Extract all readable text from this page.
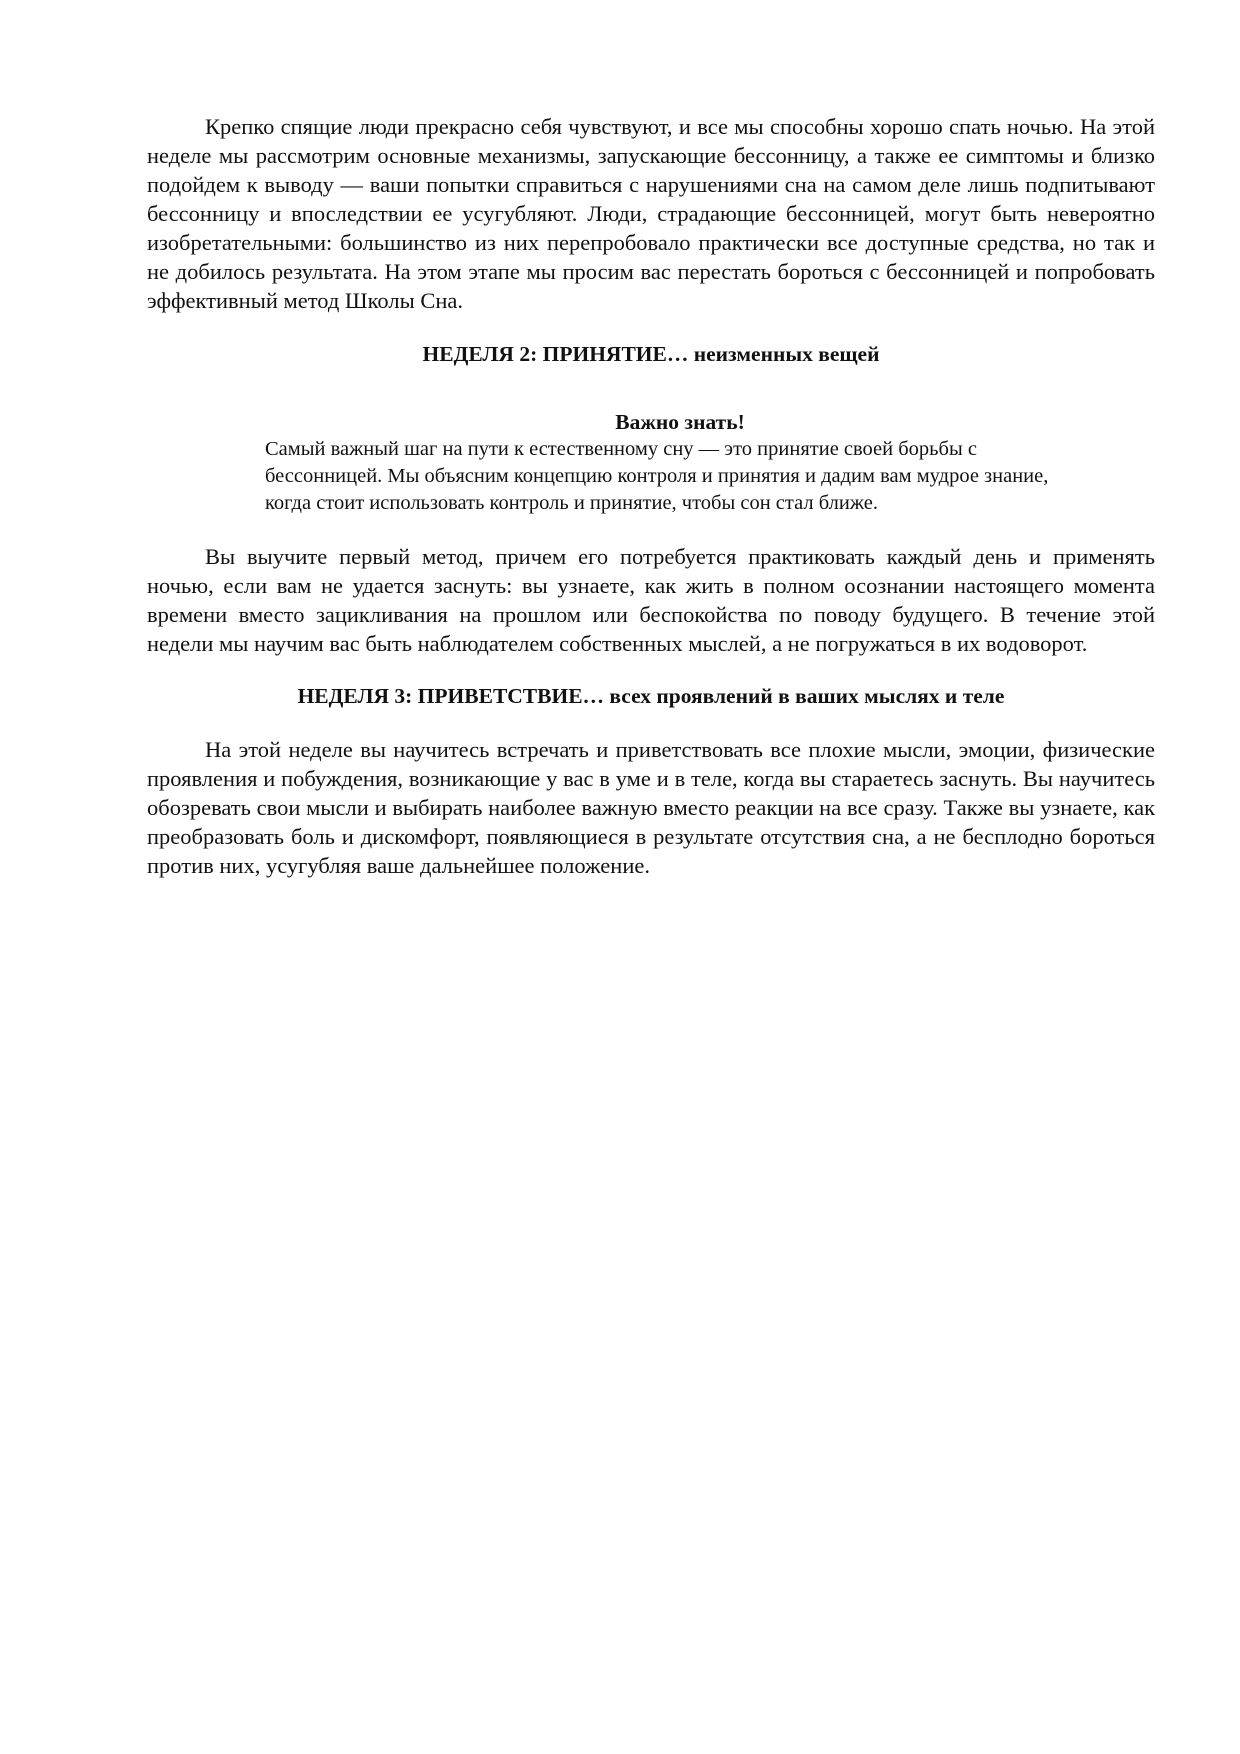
Крепко спящие люди прекрасно себя чувствуют, и все мы способны хорошо спать ночью. На этой неделе мы рассмотрим основные механизмы, запускающие бессонницу, а также ее симптомы и близко подойдем к выводу — ваши попытки справиться с нарушениями сна на самом деле лишь подпитывают бессонницу и впоследствии ее усугубляют. Люди, страдающие бессонницей, могут быть невероятно изобретательными: большинство из них перепробовало практически все доступные средства, но так и не добилось результата. На этом этапе мы просим вас перестать бороться с бессонницей и попробовать эффективный метод Школы Сна.

НЕДЕЛЯ 2: ПРИНЯТИЕ… неизменных вещей

Важно знать!

Самый важный шаг на пути к естественному сну — это принятие своей борьбы с бессонницей. Мы объясним концепцию контроля и принятия и дадим вам мудрое знание, когда стоит использовать контроль и принятие, чтобы сон стал ближе.

Вы выучите первый метод, причем его потребуется практиковать каждый день и применять ночью, если вам не удается заснуть: вы узнаете, как жить в полном осознании настоящего момента времени вместо зацикливания на прошлом или беспокойства по поводу будущего. В течение этой недели мы научим вас быть наблюдателем собственных мыслей, а не погружаться в их водоворот.

НЕДЕЛЯ 3: ПРИВЕТСТВИЕ… всех проявлений в ваших мыслях и теле

На этой неделе вы научитесь встречать и приветствовать все плохие мысли, эмоции, физические проявления и побуждения, возникающие у вас в уме и в теле, когда вы стараетесь заснуть. Вы научитесь обозревать свои мысли и выбирать наиболее важную вместо реакции на все сразу. Также вы узнаете, как преобразовать боль и дискомфорт, появляющиеся в результате отсутствия сна, а не бесплодно бороться против них, усугубляя ваше дальнейшее положение.
